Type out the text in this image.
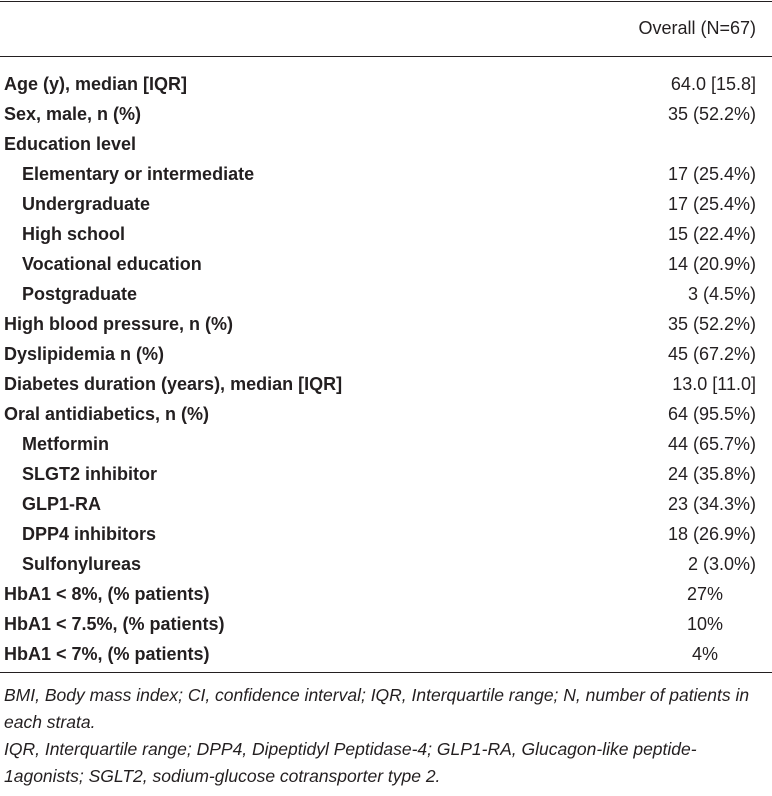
Overall (N=67)
Age (y), median [IQR]	64.0 [15.8]
Sex, male, n (%)	35 (52.2%)
Education level
Elementary or intermediate	17 (25.4%)
Undergraduate	17 (25.4%)
High school	15 (22.4%)
Vocational education	14 (20.9%)
Postgraduate	3 (4.5%)
High blood pressure, n (%)	35 (52.2%)
Dyslipidemia n (%)	45 (67.2%)
Diabetes duration (years), median [IQR]	13.0 [11.0]
Oral antidiabetics, n (%)	64 (95.5%)
Metformin	44 (65.7%)
SLGT2 inhibitor	24 (35.8%)
GLP1-RA	23 (34.3%)
DPP4 inhibitors	18 (26.9%)
Sulfonylureas	2 (3.0%)
HbA1 < 8%, (% patients)	27%
HbA1 < 7.5%, (% patients)	10%
HbA1 < 7%, (% patients)	4%

BMI, Body mass index; CI, confidence interval; IQR, Interquartile range; N, number of patients in each strata.

IQR, Interquartile range; DPP4, Dipeptidyl Peptidase-4; GLP1-RA, Glucagon-like peptide-1agonists; SGLT2, sodium-glucose cotransporter type 2.
